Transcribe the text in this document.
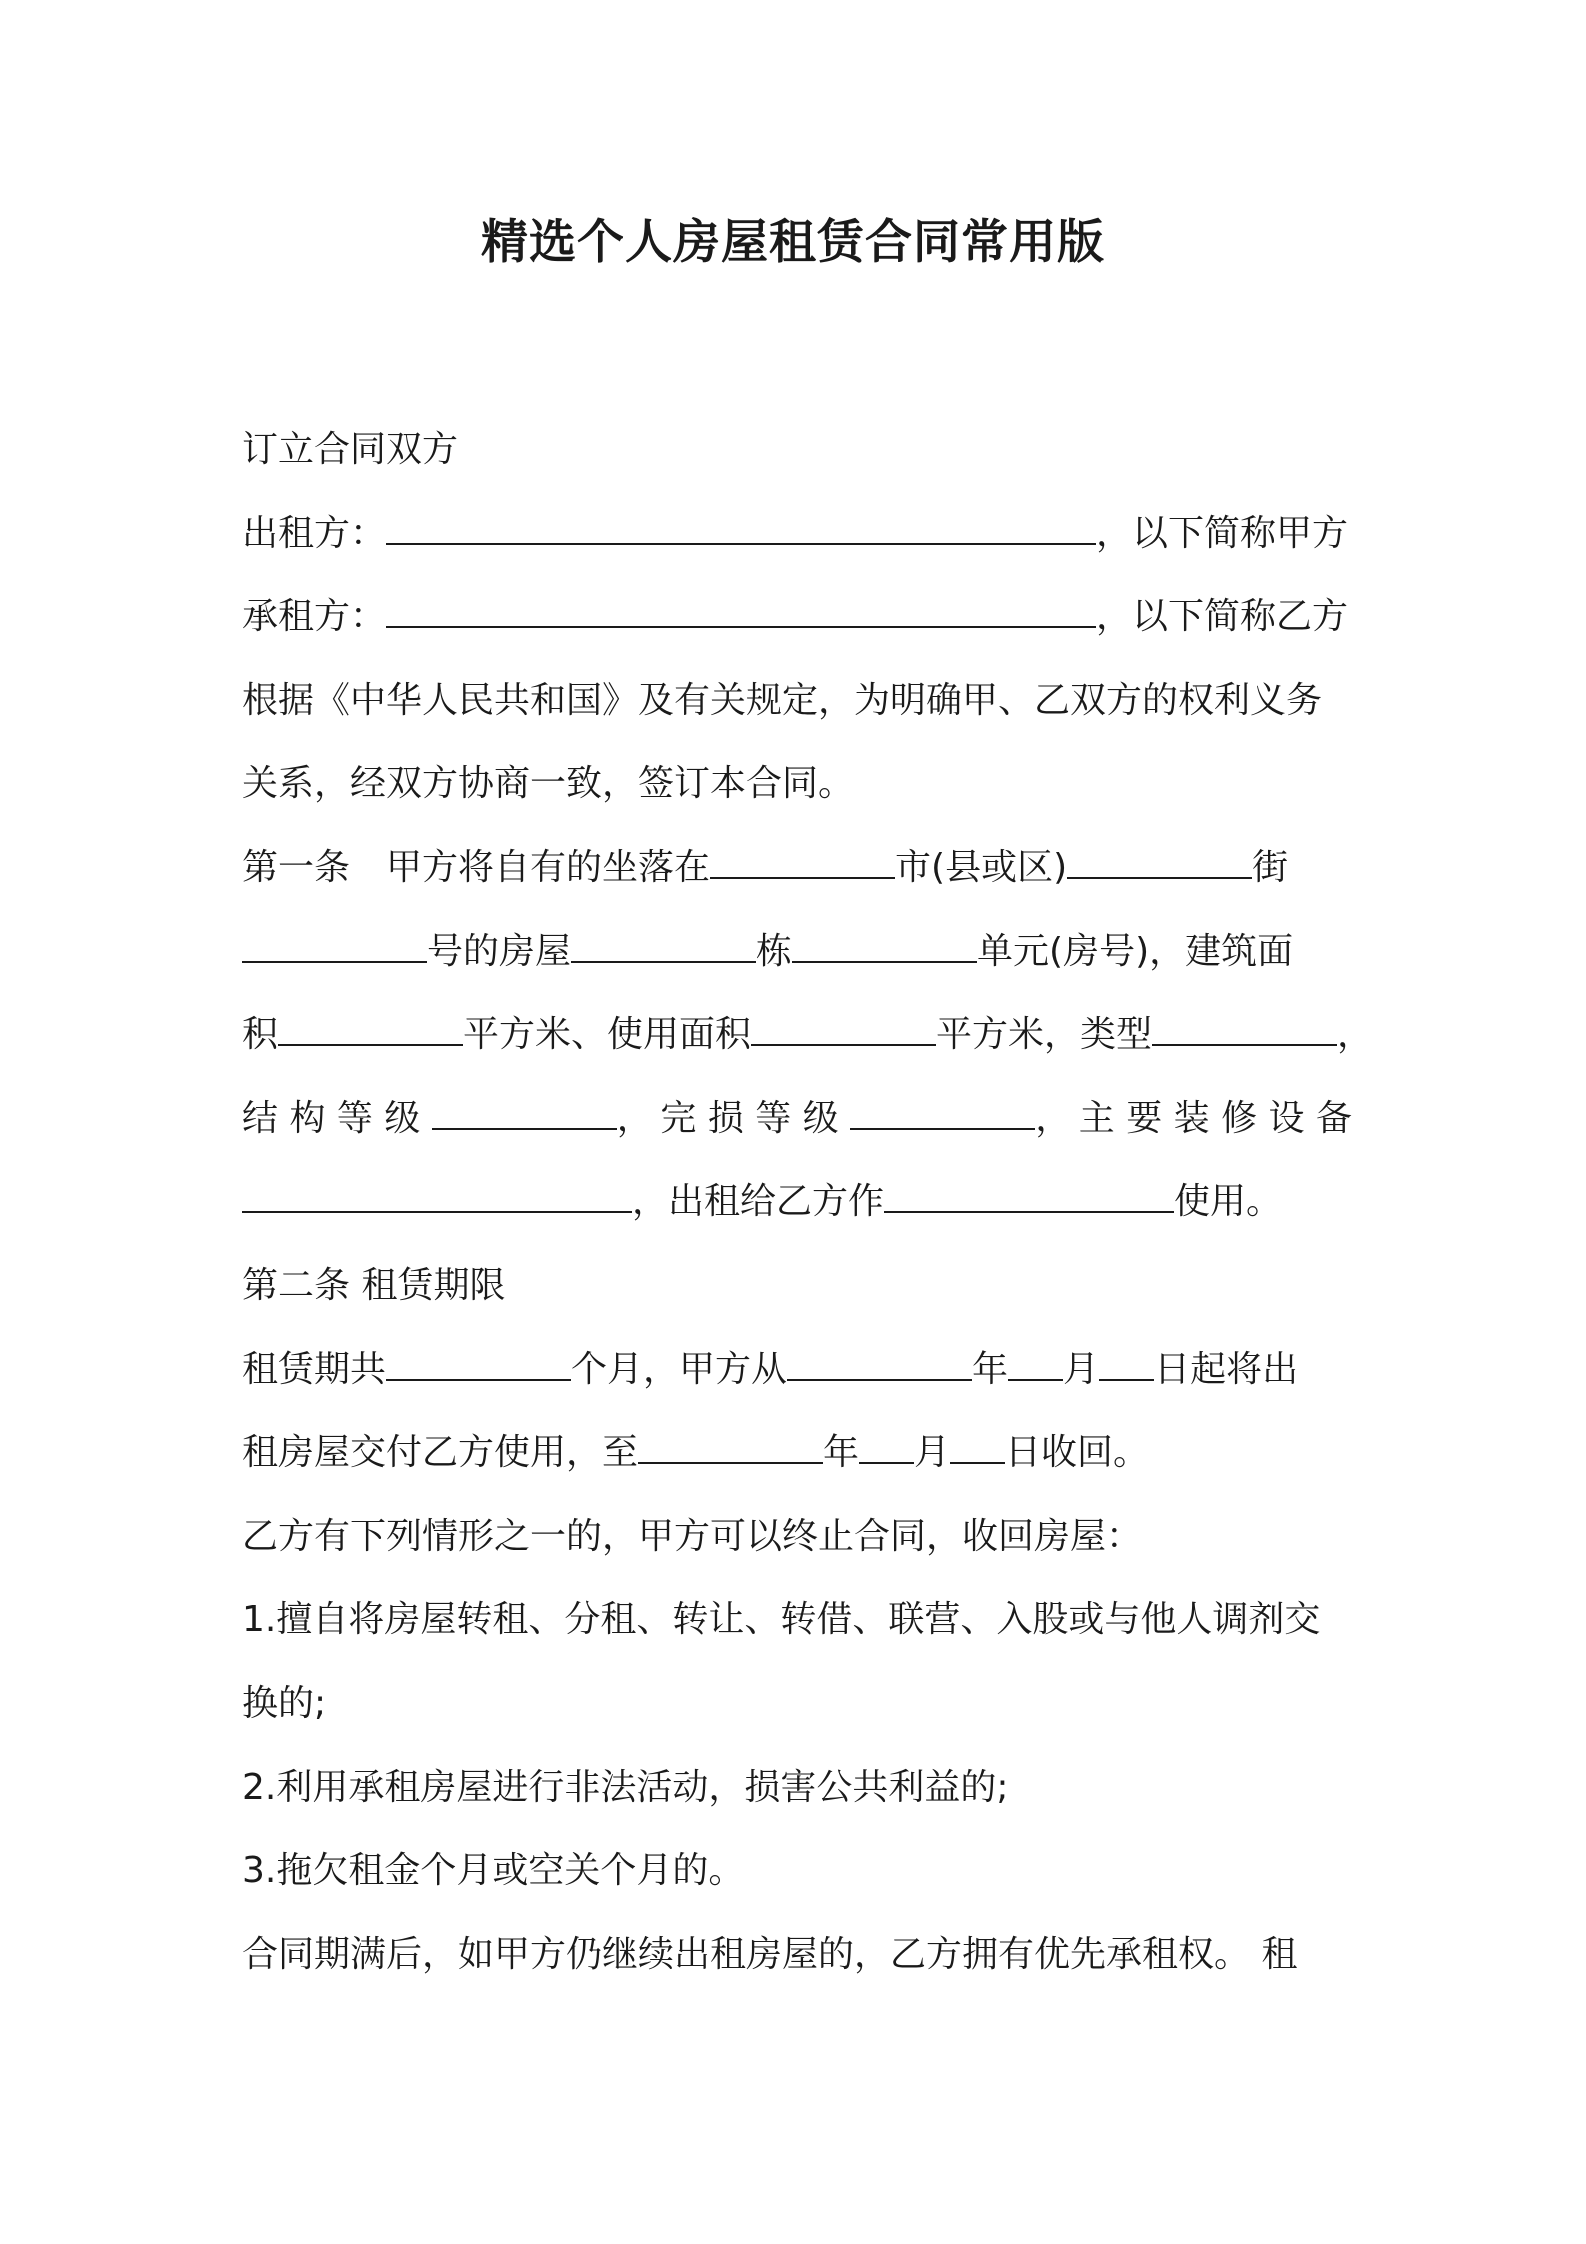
精选个人房屋租赁合同常用版
订立合同双方
出租方：	，以下简称甲方
承租方：	，以下简称乙方
根据《中华人民共和国》及有关规定，为明确甲、乙双方的权利义务
关系，经双方协商一致，签订本合同。
第一条 甲方将自有的坐落在	市(县或区)	街
号的房屋	栋	单元(房号)，建筑面
积	平方米、使用面积	平方米，类型	，
结 构 等 级	， 完 损 等 级	， 主 要 装 修 设 备
，出租给乙方作	使用。
第二条 租赁期限
租赁期共	个月，甲方从	年 月 日起将出
租房屋交付乙方使用，至	年 月 日收回。
乙方有下列情形之一的，甲方可以终止合同，收回房屋：
1.擅自将房屋转租、分租、转让、转借、联营、入股或与他人调剂交
换的;
2.利用承租房屋进行非法活动，损害公共利益的;
3.拖欠租金个月或空关个月的。
合同期满后，如甲方仍继续出租房屋的，乙方拥有优先承租权。 租
